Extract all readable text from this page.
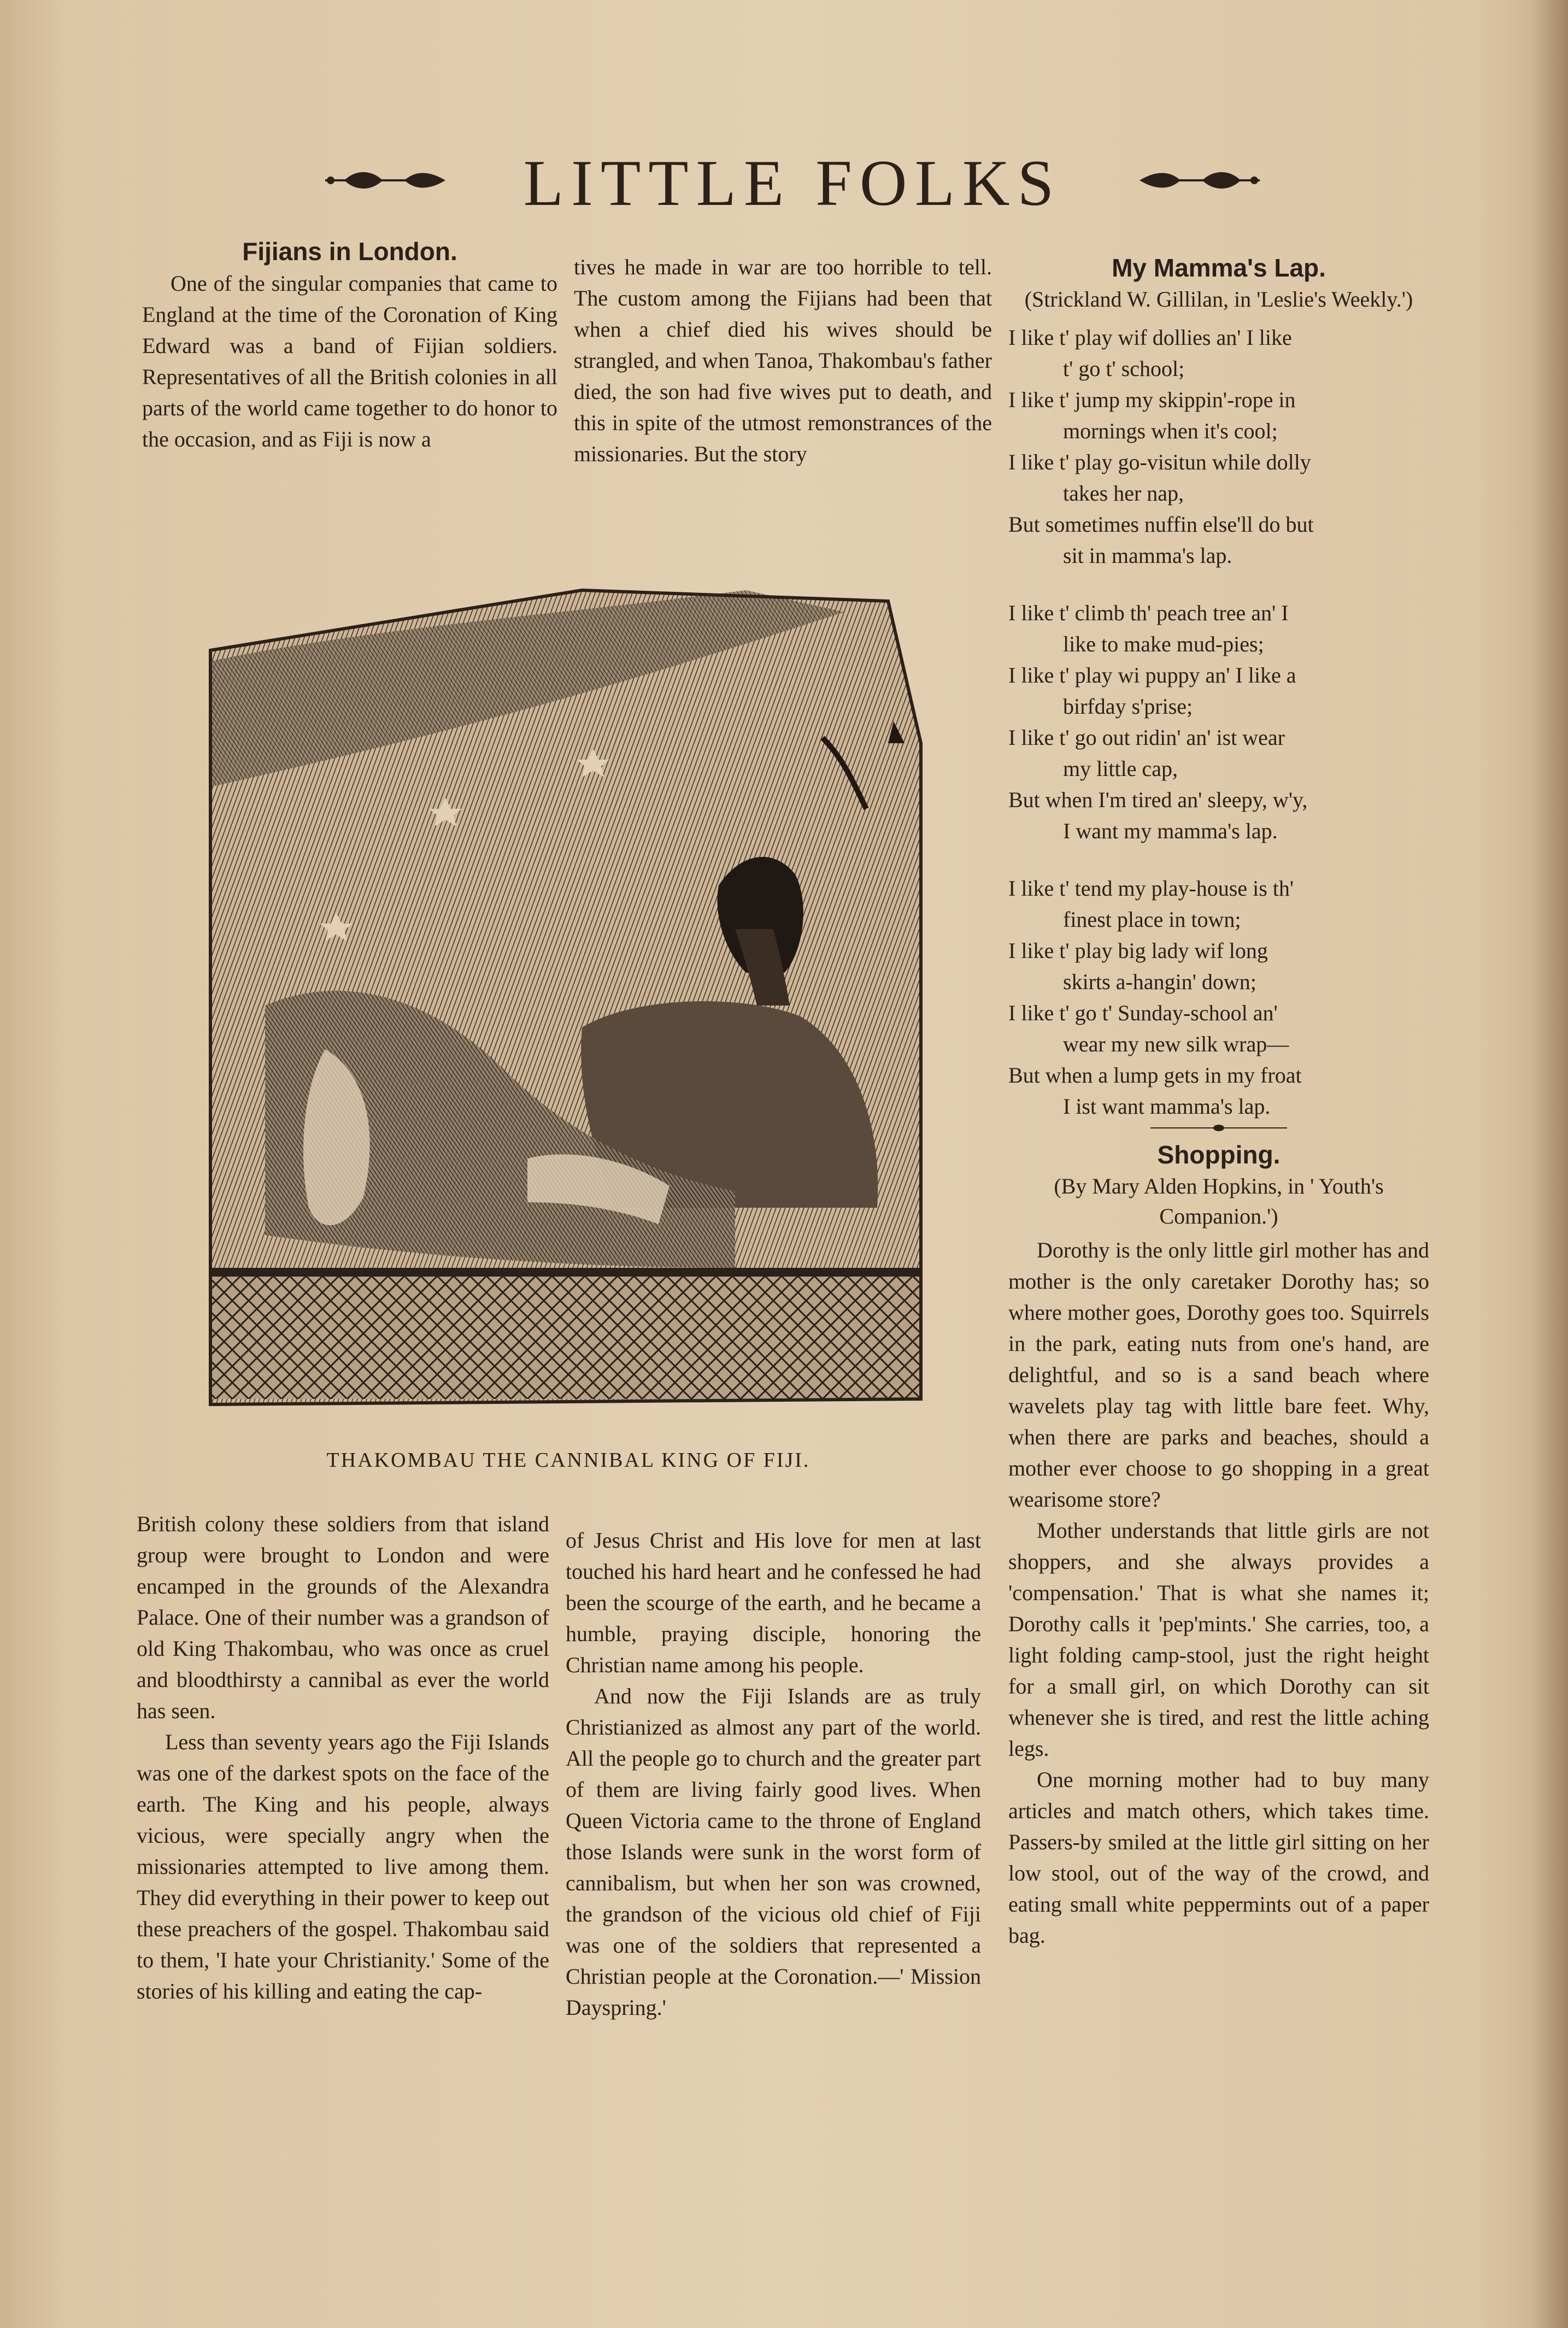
LITTLE FOLKS
Fijians in London.

One of the singular companies that came to England at the time of the Coronation of King Edward was a band of Fijian soldiers. Representatives of all the British colonies in all parts of the world came together to do honor to the occasion, and as Fiji is now a

tives he made in war are too horrible to tell. The custom among the Fijians had been that when a chief died his wives should be strangled, and when Tanoa, Thakombau's father died, the son had five wives put to death, and this in spite of the utmost remonstrances of the missionaries. But the story

THAKOMBAU THE CANNIBAL KING OF FIJI.

British colony these soldiers from that island group were brought to London and were encamped in the grounds of the Alexandra Palace. One of their number was a grandson of old King Thakombau, who was once as cruel and bloodthirsty a cannibal as ever the world has seen.

Less than seventy years ago the Fiji Islands was one of the darkest spots on the face of the earth. The King and his people, always vicious, were specially angry when the missionaries attempted to live among them. They did everything in their power to keep out these preachers of the gospel. Thakombau said to them, 'I hate your Christianity.' Some of the stories of his killing and eating the cap-

of Jesus Christ and His love for men at last touched his hard heart and he confessed he had been the scourge of the earth, and he became a humble, praying disciple, honoring the Christian name among his people.

And now the Fiji Islands are as truly Christianized as almost any part of the world. All the people go to church and the greater part of them are living fairly good lives. When Queen Victoria came to the throne of England those Islands were sunk in the worst form of cannibalism, but when her son was crowned, the grandson of the vicious old chief of Fiji was one of the soldiers that represented a Christian people at the Coronation.—' Mission Dayspring.'

My Mamma's Lap.
(Strickland W. Gillilan, in 'Leslie's Weekly.')

I like t' play wif dollies an' I like

t' go t' school;

I like t' jump my skippin'-rope in

mornings when it's cool;

I like t' play go-visitun while dolly

takes her nap,

But sometimes nuffin else'll do but

sit in mamma's lap.

I like t' climb th' peach tree an' I

like to make mud-pies;

I like t' play wi puppy an' I like a

birfday s'prise;

I like t' go out ridin' an' ist wear

my little cap,

But when I'm tired an' sleepy, w'y,

I want my mamma's lap.

I like t' tend my play-house is th'

finest place in town;

I like t' play big lady wif long

skirts a-hangin' down;

I like t' go t' Sunday-school an'

wear my new silk wrap—

But when a lump gets in my froat

I ist want mamma's lap.

Shopping.
(By Mary Alden Hopkins, in ' Youth's Companion.')

Dorothy is the only little girl mother has and mother is the only caretaker Dorothy has; so where mother goes, Dorothy goes too. Squirrels in the park, eating nuts from one's hand, are delightful, and so is a sand beach where wavelets play tag with little bare feet. Why, when there are parks and beaches, should a mother ever choose to go shopping in a great wearisome store?

Mother understands that little girls are not shoppers, and she always provides a 'compensation.' That is what she names it; Dorothy calls it 'pep'mints.' She carries, too, a light folding camp-stool, just the right height for a small girl, on which Dorothy can sit whenever she is tired, and rest the little aching legs.

One morning mother had to buy many articles and match others, which takes time. Passers-by smiled at the little girl sitting on her low stool, out of the way of the crowd, and eating small white peppermints out of a paper bag.
